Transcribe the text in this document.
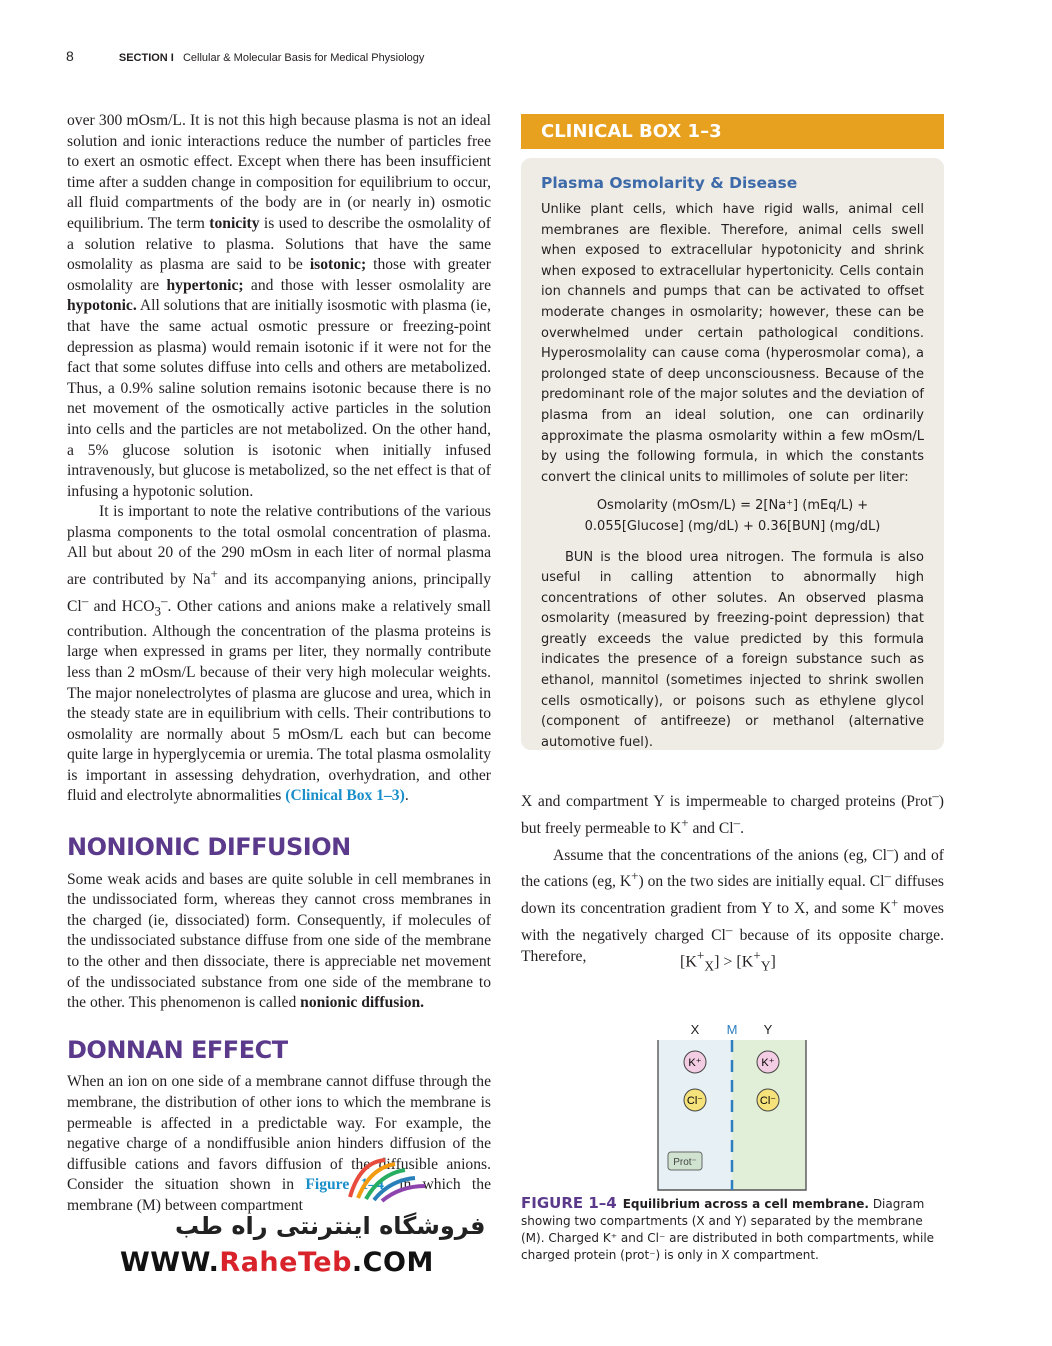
8	SECTION I Cellular & Molecular Basis for Medical Physiology

over 300 mOsm/L. It is not this high because plasma is not an ideal solution and ionic interactions reduce the number of particles free to exert an osmotic effect. Except when there has been insufficient time after a sudden change in composition for equilibrium to occur, all fluid compartments of the body are in (or nearly in) osmotic equilibrium. The term tonicity is used to describe the osmolality of a solution relative to plasma. Solutions that have the same osmolality as plasma are said to be isotonic; those with greater osmolality are hypertonic; and those with lesser osmolality are hypotonic. All solutions that are initially isosmotic with plasma (ie, that have the same actual osmotic pressure or freezing-point depression as plasma) would remain isotonic if it were not for the fact that some solutes diffuse into cells and others are metabolized. Thus, a 0.9% saline solution remains isotonic because there is no net movement of the osmotically active particles in the solution into cells and the particles are not metabolized. On the other hand, a 5% glucose solution is isotonic when initially infused intravenously, but glucose is metabolized, so the net effect is that of infusing a hypotonic solution.

It is important to note the relative contributions of the various plasma components to the total osmolal concentration of plasma. All but about 20 of the 290 mOsm in each liter of normal plasma are contributed by Na+ and its accompanying anions, principally Cl– and $HCO_3^-$. Other cations and anions make a relatively small contribution. Although the concentration of the plasma proteins is large when expressed in grams per liter, they normally contribute less than 2 mOsm/L because of their very high molecular weights. The major nonelectrolytes of plasma are glucose and urea, which in the steady state are in equilibrium with cells. Their contributions to osmolality are normally about 5 mOsm/L each but can become quite large in hyperglycemia or uremia. The total plasma osmolality is important in assessing dehydration, overhydration, and other fluid and electrolyte abnormalities (Clinical Box 1–3).

NONIONIC DIFFUSION

Some weak acids and bases are quite soluble in cell membranes in the undissociated form, whereas they cannot cross membranes in the charged (ie, dissociated) form. Consequently, if molecules of the undissociated substance diffuse from one side of the membrane to the other and then dissociate, there is appreciable net movement of the undissociated substance from one side of the membrane to the other. This phenomenon is called nonionic diffusion.

DONNAN EFFECT

When an ion on one side of a membrane cannot diffuse through the membrane, the distribution of other ions to which the membrane is permeable is affected in a predictable way. For example, the negative charge of a nondiffusible anion hinders diffusion of the diffusible cations and favors diffusion of the diffusible anions. Consider the situation shown in Figure 1–4, in which the membrane (M) between compartment

CLINICAL BOX 1–3
Plasma Osmolarity & Disease

Unlike plant cells, which have rigid walls, animal cell membranes are flexible. Therefore, animal cells swell when exposed to extracellular hypotonicity and shrink when exposed to extracellular hypertonicity. Cells contain ion channels and pumps that can be activated to offset moderate changes in osmolarity; however, these can be overwhelmed under certain pathological conditions. Hyperosmolality can cause coma (hyperosmolar coma), a prolonged state of deep unconsciousness. Because of the predominant role of the major solutes and the deviation of plasma from an ideal solution, one can ordinarily approximate the plasma osmolarity within a few mOsm/L by using the following formula, in which the constants convert the clinical units to millimoles of solute per liter:

Osmolarity (mOsm/L) = 2[Na⁺] (mEq/L) +
0.055[Glucose] (mg/dL) + 0.36[BUN] (mg/dL)

BUN is the blood urea nitrogen. The formula is also useful in calling attention to abnormally high concentrations of other solutes. An observed plasma osmolarity (measured by freezing-point depression) that greatly exceeds the value predicted by this formula indicates the presence of a foreign substance such as ethanol, mannitol (sometimes injected to shrink swollen cells osmotically), or poisons such as ethylene glycol (component of antifreeze) or methanol (alternative automotive fuel).

X and compartment Y is impermeable to charged proteins (Prot–) but freely permeable to K+ and Cl–.

Assume that the concentrations of the anions (eg, Cl–) and of the cations (eg, K+) on the two sides are initially equal. Cl– diffuses down its concentration gradient from Y to X, and some K+ moves with the negatively charged Cl– because of its opposite charge. Therefore,	$[K^+_X] > [K^+_Y]$
X M Y
K⁺	K⁺
Cl⁻	Cl⁻
Prot⁻
FIGURE 1–4 Equilibrium across a cell membrane. Diagram showing two compartments (X and Y) separated by the membrane (M). Charged K⁺ and Cl⁻ are distributed in both compartments, while charged protein (prot⁻) is only in X compartment.
فروشگاه اینترنتی راه طب
WWW.RaheTeb.COM
